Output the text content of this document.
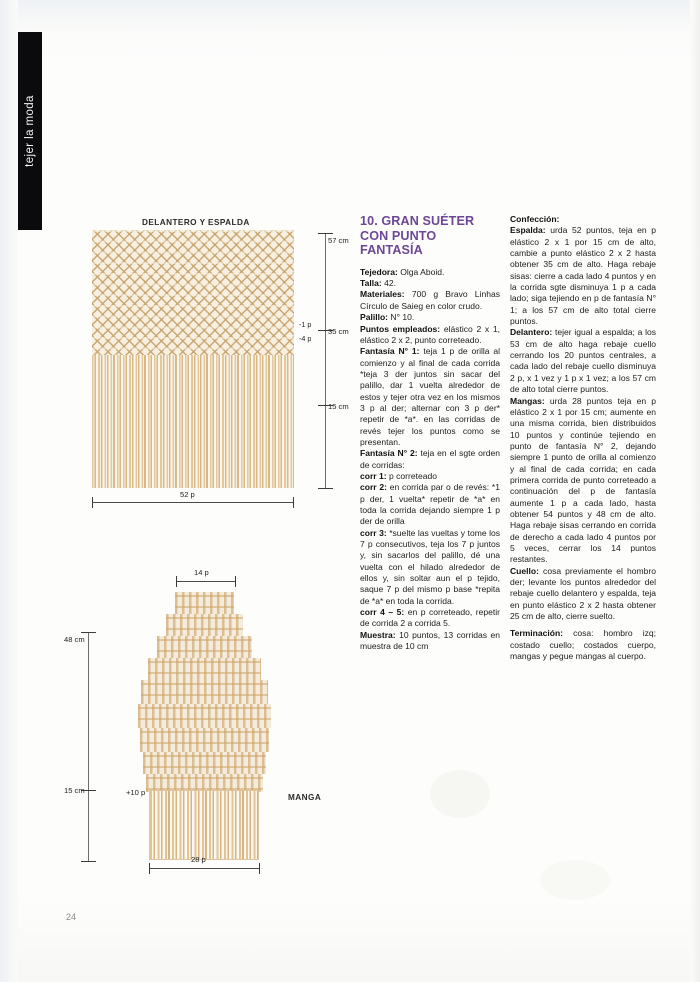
tejer la moda
DELANTERO Y ESPALDA
-1 p
-4 p
57 cm
35 cm
15 cm
52 p
14 p
48 cm
15 cm	+10 p
MANGA
28 p
10. GRAN SUÉTER CON PUNTO FANTASÍA

Tejedora: Olga Aboid.

Talla: 42.

Materiales: 700 g Bravo Linhas Círculo de Saieg en color crudo.

Palillo: N° 10.

Puntos empleados: elástico 2 x 1, elástico 2 x 2, punto correteado.

Fantasía N° 1: teja 1 p de orilla al comienzo y al final de cada corrida *teja 3 der juntos sin sacar del palillo, dar 1 vuelta alrededor de estos y tejer otra vez en los mismos 3 p al der; alternar con 3 p der* repetir de *a*. en las corridas de revés tejer los puntos como se presentan.

Fantasía N° 2: teja en el sgte orden de corridas:

corr 1: p correteado

corr 2: en corrida par o de revés: *1 p der, 1 vuelta* repetir de *a* en toda la corrida dejando siempre 1 p der de orilla

corr 3: *suelte las vueltas y tome los 7 p consecutivos, teja los 7 p juntos y, sin sacarlos del palillo, dé una vuelta con el hilado alrededor de ellos y, sin soltar aun el p tejido, saque 7 p del mismo p base *repita de *a* en toda la corrida.

corr 4 – 5: en p correteado, repetir de corrida 2 a corrida 5.

Muestra: 10 puntos, 13 corridas en muestra de 10 cm

Confección:

Espalda: urda 52 puntos, teja en p elástico 2 x 1 por 15 cm de alto, cambie a punto elástico 2 x 2 hasta obtener 35 cm de alto. Haga rebaje sisas: cierre a cada lado 4 puntos y en la corrida sgte disminuya 1 p a cada lado; siga tejiendo en p de fantasía N° 1; a los 57 cm de alto total cierre puntos.

Delantero: tejer igual a espalda; a los 53 cm de alto haga rebaje cuello cerrando los 20 puntos centrales, a cada lado del rebaje cuello disminuya 2 p, x 1 vez y 1 p x 1 vez; a los 57 cm de alto total cierre puntos.

Mangas: urda 28 puntos teja en p elástico 2 x 1 por 15 cm; aumente en una misma corrida, bien distribuidos 10 puntos y continúe tejiendo en punto de fantasía N° 2, dejando siempre 1 punto de orilla al comienzo y al final de cada corrida; en cada primera corrida de punto correteado a continuación del p de fantasía aumente 1 p a cada lado, hasta obtener 54 puntos y 48 cm de alto. Haga rebaje sisas cerrando en corrida de derecho a cada lado 4 puntos por 5 veces, cerrar los 14 puntos restantes.

Cuello: cosa previamente el hombro der; levante los puntos alrededor del rebaje cuello delantero y espalda, teja en punto elástico 2 x 2 hasta obtener 25 cm de alto, cierre suelto.

Terminación: cosa: hombro izq; costado cuello; costados cuerpo, mangas y pegue mangas al cuerpo.

24
